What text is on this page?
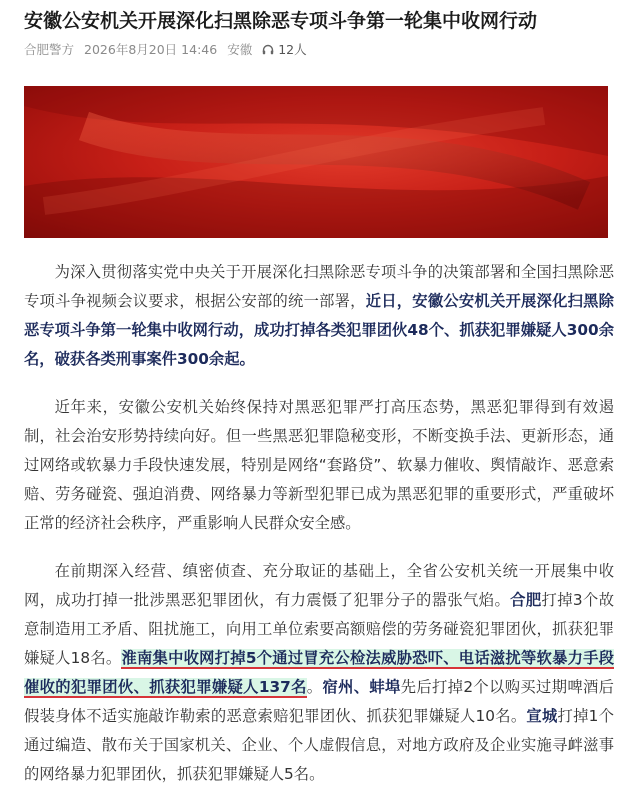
安徽公安机关开展深化扫黑除恶专项斗争第一轮集中收网行动
合肥警方 2026年8月20日 14:46 安徽 12人

为深入贯彻落实党中央关于开展深化扫黑除恶专项斗争的决策部署和全国扫黑除恶专项斗争视频会议要求，根据公安部的统一部署，近日，安徽公安机关开展深化扫黑除恶专项斗争第一轮集中收网行动，成功打掉各类犯罪团伙48个、抓获犯罪嫌疑人300余名，破获各类刑事案件300余起。

近年来，安徽公安机关始终保持对黑恶犯罪严打高压态势，黑恶犯罪得到有效遏制，社会治安形势持续向好。但一些黑恶犯罪隐秘变形，不断变换手法、更新形态，通过网络或软暴力手段快速发展，特别是网络“套路贷”、软暴力催收、舆情敲诈、恶意索赔、劳务碰瓷、强迫消费、网络暴力等新型犯罪已成为黑恶犯罪的重要形式，严重破坏正常的经济社会秩序，严重影响人民群众安全感。

在前期深入经营、缜密侦查、充分取证的基础上，全省公安机关统一开展集中收网，成功打掉一批涉黑恶犯罪团伙，有力震慑了犯罪分子的嚣张气焰。合肥打掉3个故意制造用工矛盾、阻扰施工，向用工单位索要高额赔偿的劳务碰瓷犯罪团伙，抓获犯罪嫌疑人18名。淮南集中收网打掉5个通过冒充公检法威胁恐吓、电话滋扰等软暴力手段催收的犯罪团伙、抓获犯罪嫌疑人137名。宿州、蚌埠先后打掉2个以购买过期啤酒后假装身体不适实施敲诈勒索的恶意索赔犯罪团伙、抓获犯罪嫌疑人10名。宣城打掉1个通过编造、散布关于国家机关、企业、个人虚假信息，对地方政府及企业实施寻衅滋事的网络暴力犯罪团伙，抓获犯罪嫌疑人5名。
